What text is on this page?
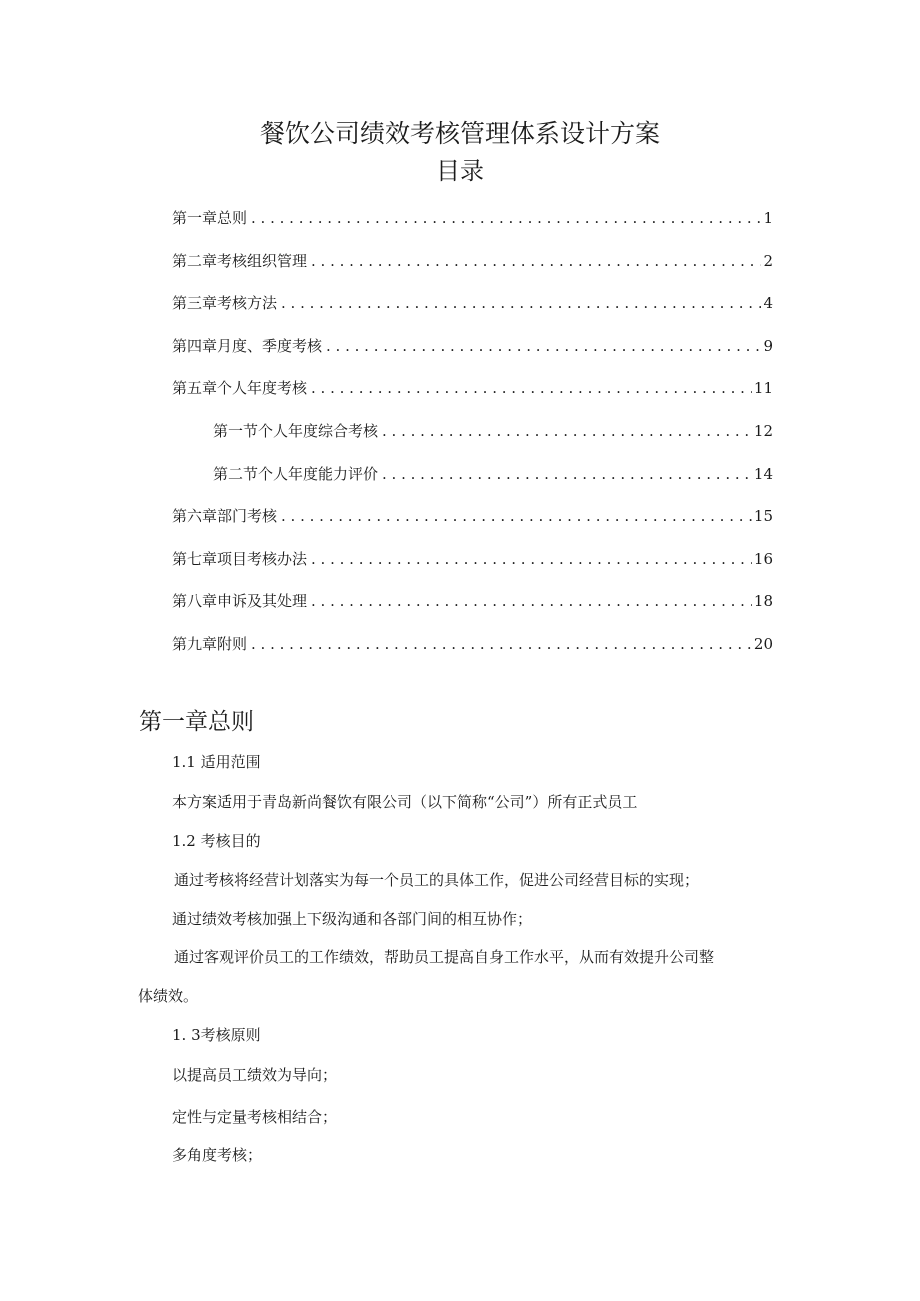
餐饮公司绩效考核管理体系设计方案
目录
第一章总则 . . .	1
第二章考核组织管理 . . .	2
第三章考核方法 . . .	4
第四章月度、季度考核 . . .	9
第五章个人年度考核 . . .	11
第一节个人年度综合考核 . . .	12
第二节个人年度能力评价 . . .	14
第六章部门考核 . . .	15
第七章项目考核办法 . . .	16
第八章申诉及其处理 . . .	18
第九章附则 . . .	20
第一章总则
1.1 适用范围
本方案适用于青岛新尚餐饮有限公司（以下简称“公司”）所有正式员工
1.2 考核目的
通过考核将经营计划落实为每一个员工的具体工作，促进公司经营目标的实现；
通过绩效考核加强上下级沟通和各部门间的相互协作；
通过客观评价员工的工作绩效，帮助员工提高自身工作水平，从而有效提升公司整
体绩效。
1. 3考核原则
以提高员工绩效为导向；
定性与定量考核相结合；
多角度考核；
